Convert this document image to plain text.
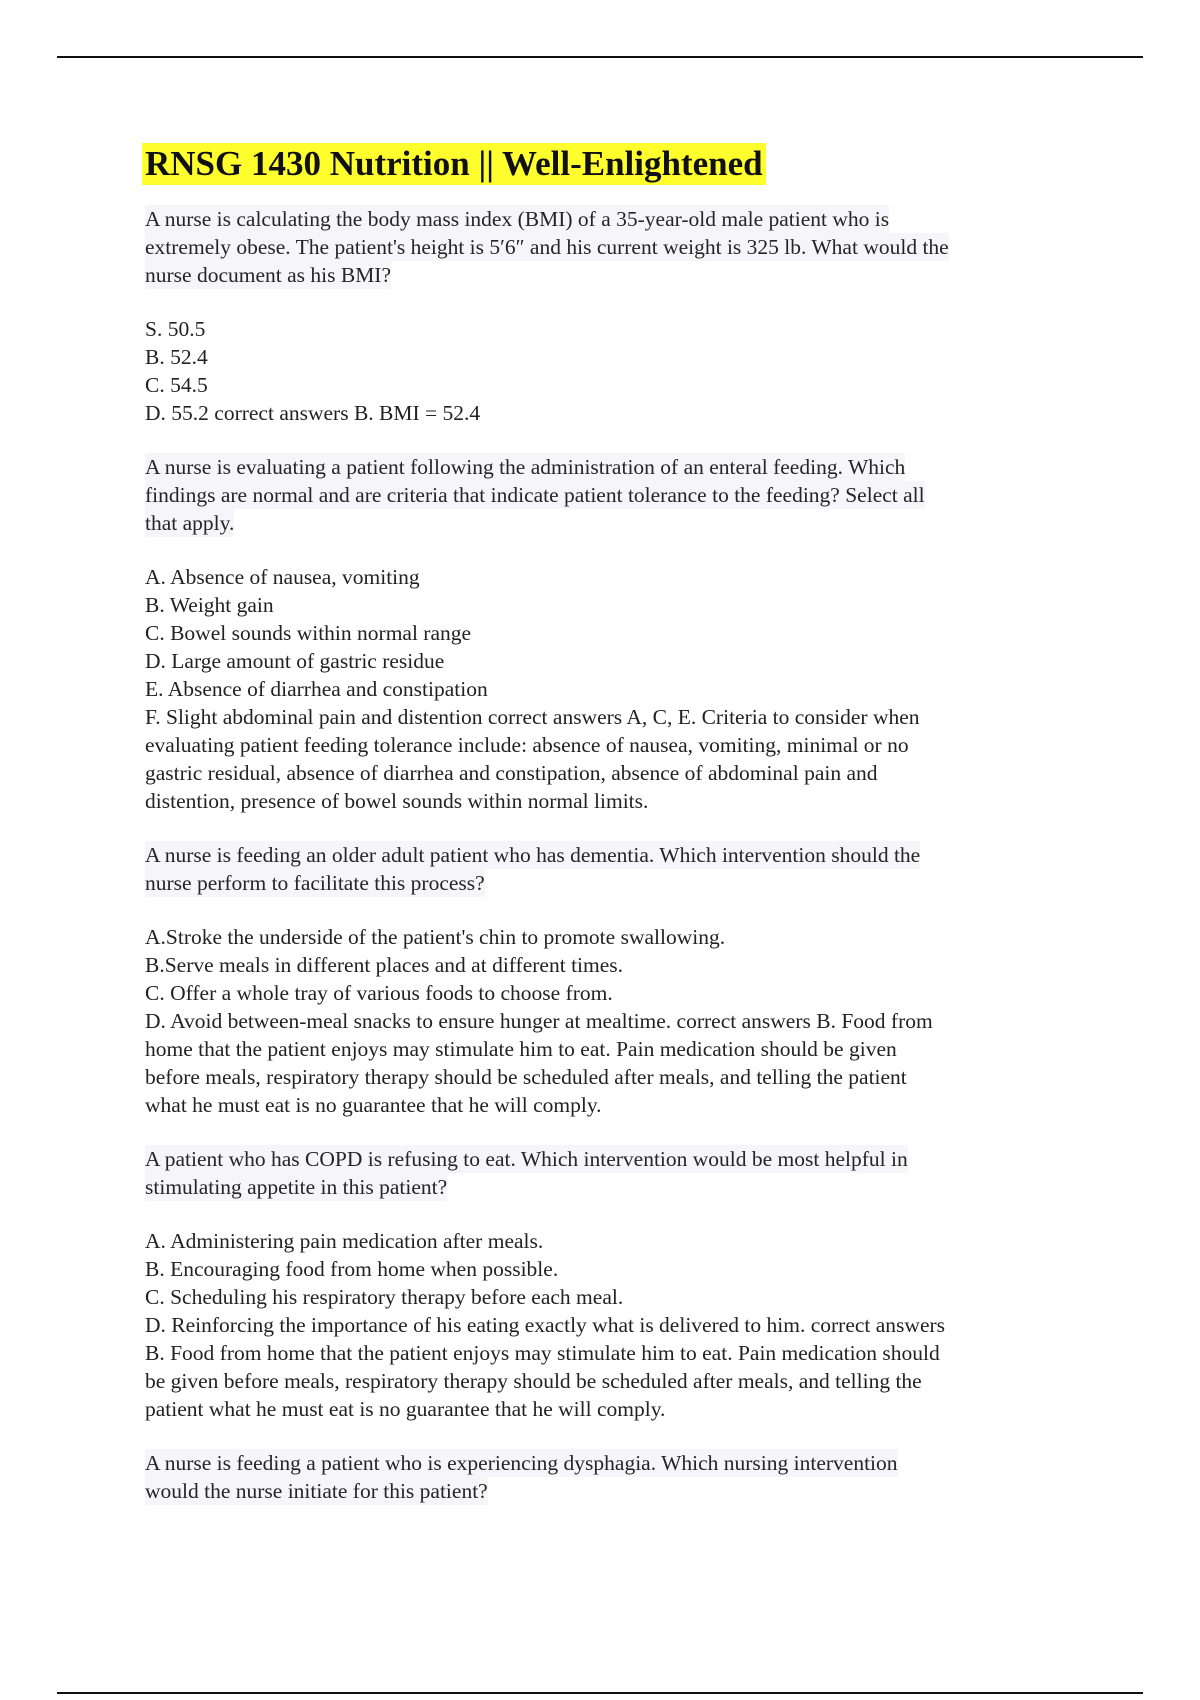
RNSG 1430 Nutrition || Well-Enlightened
A nurse is calculating the body mass index (BMI) of a 35-year-old male patient who is
extremely obese. The patient's height is 5′6″ and his current weight is 325 lb. What would the
nurse document as his BMI?
S. 50.5
B. 52.4
C. 54.5
D. 55.2 correct answers B. BMI = 52.4
A nurse is evaluating a patient following the administration of an enteral feeding. Which
findings are normal and are criteria that indicate patient tolerance to the feeding? Select all
that apply.
A. Absence of nausea, vomiting
B. Weight gain
C. Bowel sounds within normal range
D. Large amount of gastric residue
E. Absence of diarrhea and constipation
F. Slight abdominal pain and distention correct answers A, C, E. Criteria to consider when
evaluating patient feeding tolerance include: absence of nausea, vomiting, minimal or no
gastric residual, absence of diarrhea and constipation, absence of abdominal pain and
distention, presence of bowel sounds within normal limits.
A nurse is feeding an older adult patient who has dementia. Which intervention should the
nurse perform to facilitate this process?
A.Stroke the underside of the patient's chin to promote swallowing.
B.Serve meals in different places and at different times.
C. Offer a whole tray of various foods to choose from.
D. Avoid between-meal snacks to ensure hunger at mealtime. correct answers B. Food from
home that the patient enjoys may stimulate him to eat. Pain medication should be given
before meals, respiratory therapy should be scheduled after meals, and telling the patient
what he must eat is no guarantee that he will comply.
A patient who has COPD is refusing to eat. Which intervention would be most helpful in
stimulating appetite in this patient?
A. Administering pain medication after meals.
B. Encouraging food from home when possible.
C. Scheduling his respiratory therapy before each meal.
D. Reinforcing the importance of his eating exactly what is delivered to him. correct answers
B. Food from home that the patient enjoys may stimulate him to eat. Pain medication should
be given before meals, respiratory therapy should be scheduled after meals, and telling the
patient what he must eat is no guarantee that he will comply.
A nurse is feeding a patient who is experiencing dysphagia. Which nursing intervention
would the nurse initiate for this patient?
